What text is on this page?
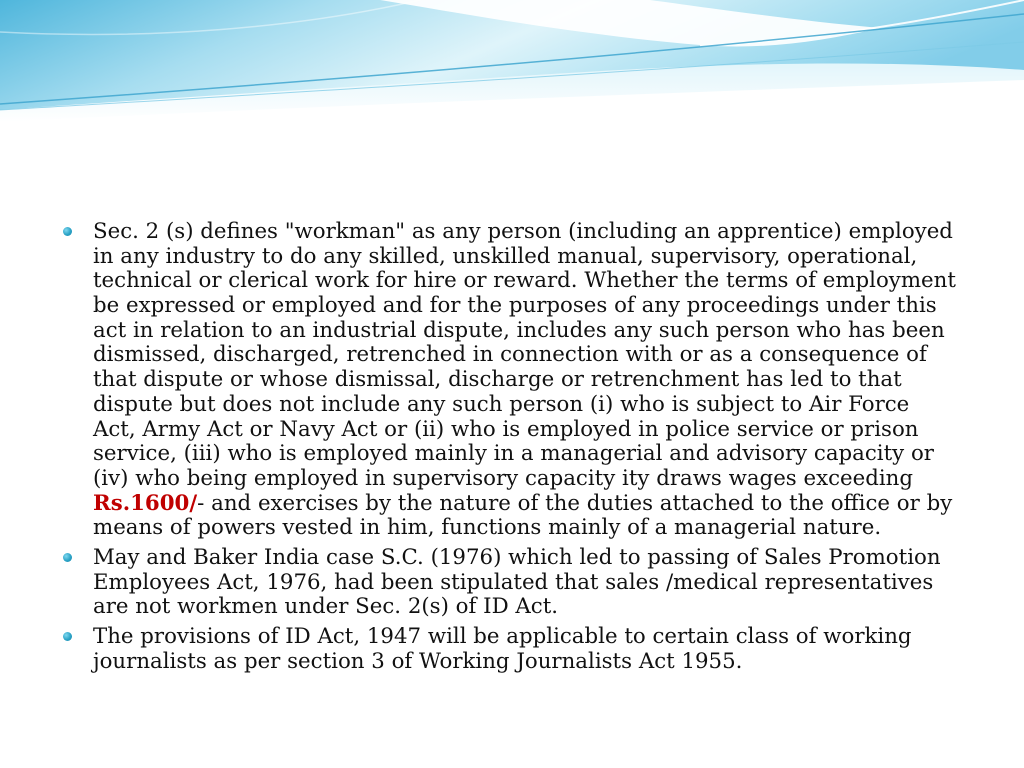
Sec. 2 (s) defines "workman" as any person (including an apprentice) employed
in any industry to do any skilled, unskilled manual, supervisory, operational,
technical or clerical work for hire or reward. Whether the terms of employment
be expressed or employed and for the purposes of any proceedings under this
act in relation to an industrial dispute, includes any such person who has been
dismissed, discharged, retrenched in connection with or as a consequence of
that dispute or whose dismissal, discharge or retrenchment has led to that
dispute but does not include any such person (i) who is subject to Air Force
Act, Army Act or Navy Act or (ii) who is employed in police service or prison
service, (iii) who is employed mainly in a managerial and advisory capacity or
(iv) who being employed in supervisory capacity ity draws wages exceeding
Rs.1600/- and exercises by the nature of the duties attached to the office or by
means of powers vested in him, functions mainly of a managerial nature.
May and Baker India case S.C. (1976) which led to passing of Sales Promotion
Employees Act, 1976, had been stipulated that sales /medical representatives
are not workmen under Sec. 2(s) of ID Act.
The provisions of ID Act, 1947 will be applicable to certain class of working
journalists as per section 3 of Working Journalists Act 1955.
